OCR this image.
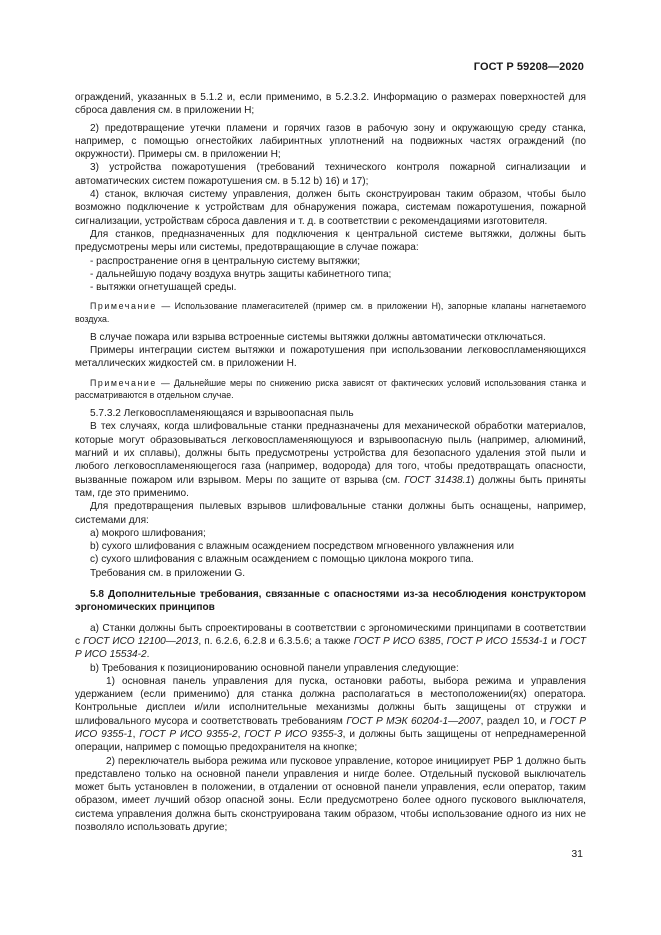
ГОСТ Р 59208—2020

ограждений, указанных в 5.1.2 и, если применимо, в 5.2.3.2. Информацию о размерах поверхностей для сброса давления см. в приложении Н;

2) предотвращение утечки пламени и горячих газов в рабочую зону и окружающую среду станка, например, с помощью огнестойких лабиринтных уплотнений на подвижных частях ограждений (по окружности). Примеры см. в приложении Н;

3) устройства пожаротушения (требований технического контроля пожарной сигнализации и автоматических систем пожаротушения см. в 5.12 b) 16) и 17);

4) станок, включая систему управления, должен быть сконструирован таким образом, чтобы было возможно подключение к устройствам для обнаружения пожара, системам пожаротушения, пожарной сигнализации, устройствам сброса давления и т. д. в соответствии с рекомендациями изготовителя.

Для станков, предназначенных для подключения к центральной системе вытяжки, должны быть предусмотрены меры или системы, предотвращающие в случае пожара:

- распространение огня в центральную систему вытяжки;

- дальнейшую подачу воздуха внутрь защиты кабинетного типа;

- вытяжки огнетушащей среды.

Примечание — Использование пламегасителей (пример см. в приложении Н), запорные клапаны нагнетаемого воздуха.

В случае пожара или взрыва встроенные системы вытяжки должны автоматически отключаться.

Примеры интеграции систем вытяжки и пожаротушения при использовании легковоспламеняющихся металлических жидкостей см. в приложении Н.

Примечание — Дальнейшие меры по снижению риска зависят от фактических условий использования станка и рассматриваются в отдельном случае.

5.7.3.2 Легковоспламеняющаяся и взрывоопасная пыль

В тех случаях, когда шлифовальные станки предназначены для механической обработки материалов, которые могут образовываться легковоспламеняющуюся и взрывоопасную пыль (например, алюминий, магний и их сплавы), должны быть предусмотрены устройства для безопасного удаления этой пыли и любого легковоспламеняющегося газа (например, водорода) для того, чтобы предотвращать опасности, вызванные пожаром или взрывом. Меры по защите от взрыва (см. ГОСТ 31438.1) должны быть приняты там, где это применимо.

Для предотвращения пылевых взрывов шлифовальные станки должны быть оснащены, например, системами для:

a) мокрого шлифования;

b) сухого шлифования с влажным осаждением посредством мгновенного увлажнения или

c) сухого шлифования с влажным осаждением с помощью циклона мокрого типа.

Требования см. в приложении G.

5.8 Дополнительные требования, связанные с опасностями из-за несоблюдения конструктором эргономических принципов

a) Станки должны быть спроектированы в соответствии с эргономическими принципами в соответствии с ГОСТ ИСО 12100—2013, п. 6.2.6, 6.2.8 и 6.3.5.6; а также ГОСТ Р ИСО 6385, ГОСТ Р ИСО 15534-1 и ГОСТ Р ИСО 15534-2.

b) Требования к позиционированию основной панели управления следующие:

1) основная панель управления для пуска, остановки работы, выбора режима и управления удержанием (если применимо) для станка должна располагаться в местоположении(ях) оператора. Контрольные дисплеи и/или исполнительные механизмы должны быть защищены от стружки и шлифовального мусора и соответствовать требованиям ГОСТ Р МЭК 60204-1—2007, раздел 10, и ГОСТ Р ИСО 9355-1, ГОСТ Р ИСО 9355-2, ГОСТ Р ИСО 9355-3, и должны быть защищены от непреднамеренной операции, например с помощью предохранителя на кнопке;

2) переключатель выбора режима или пусковое управление, которое инициирует РБР 1 должно быть представлено только на основной панели управления и нигде более. Отдельный пусковой выключатель может быть установлен в положении, в отдалении от основной панели управления, если оператор, таким образом, имеет лучший обзор опасной зоны. Если предусмотрено более одного пускового выключателя, система управления должна быть сконструирована таким образом, чтобы использование одного из них не позволяло использовать другие;

31
